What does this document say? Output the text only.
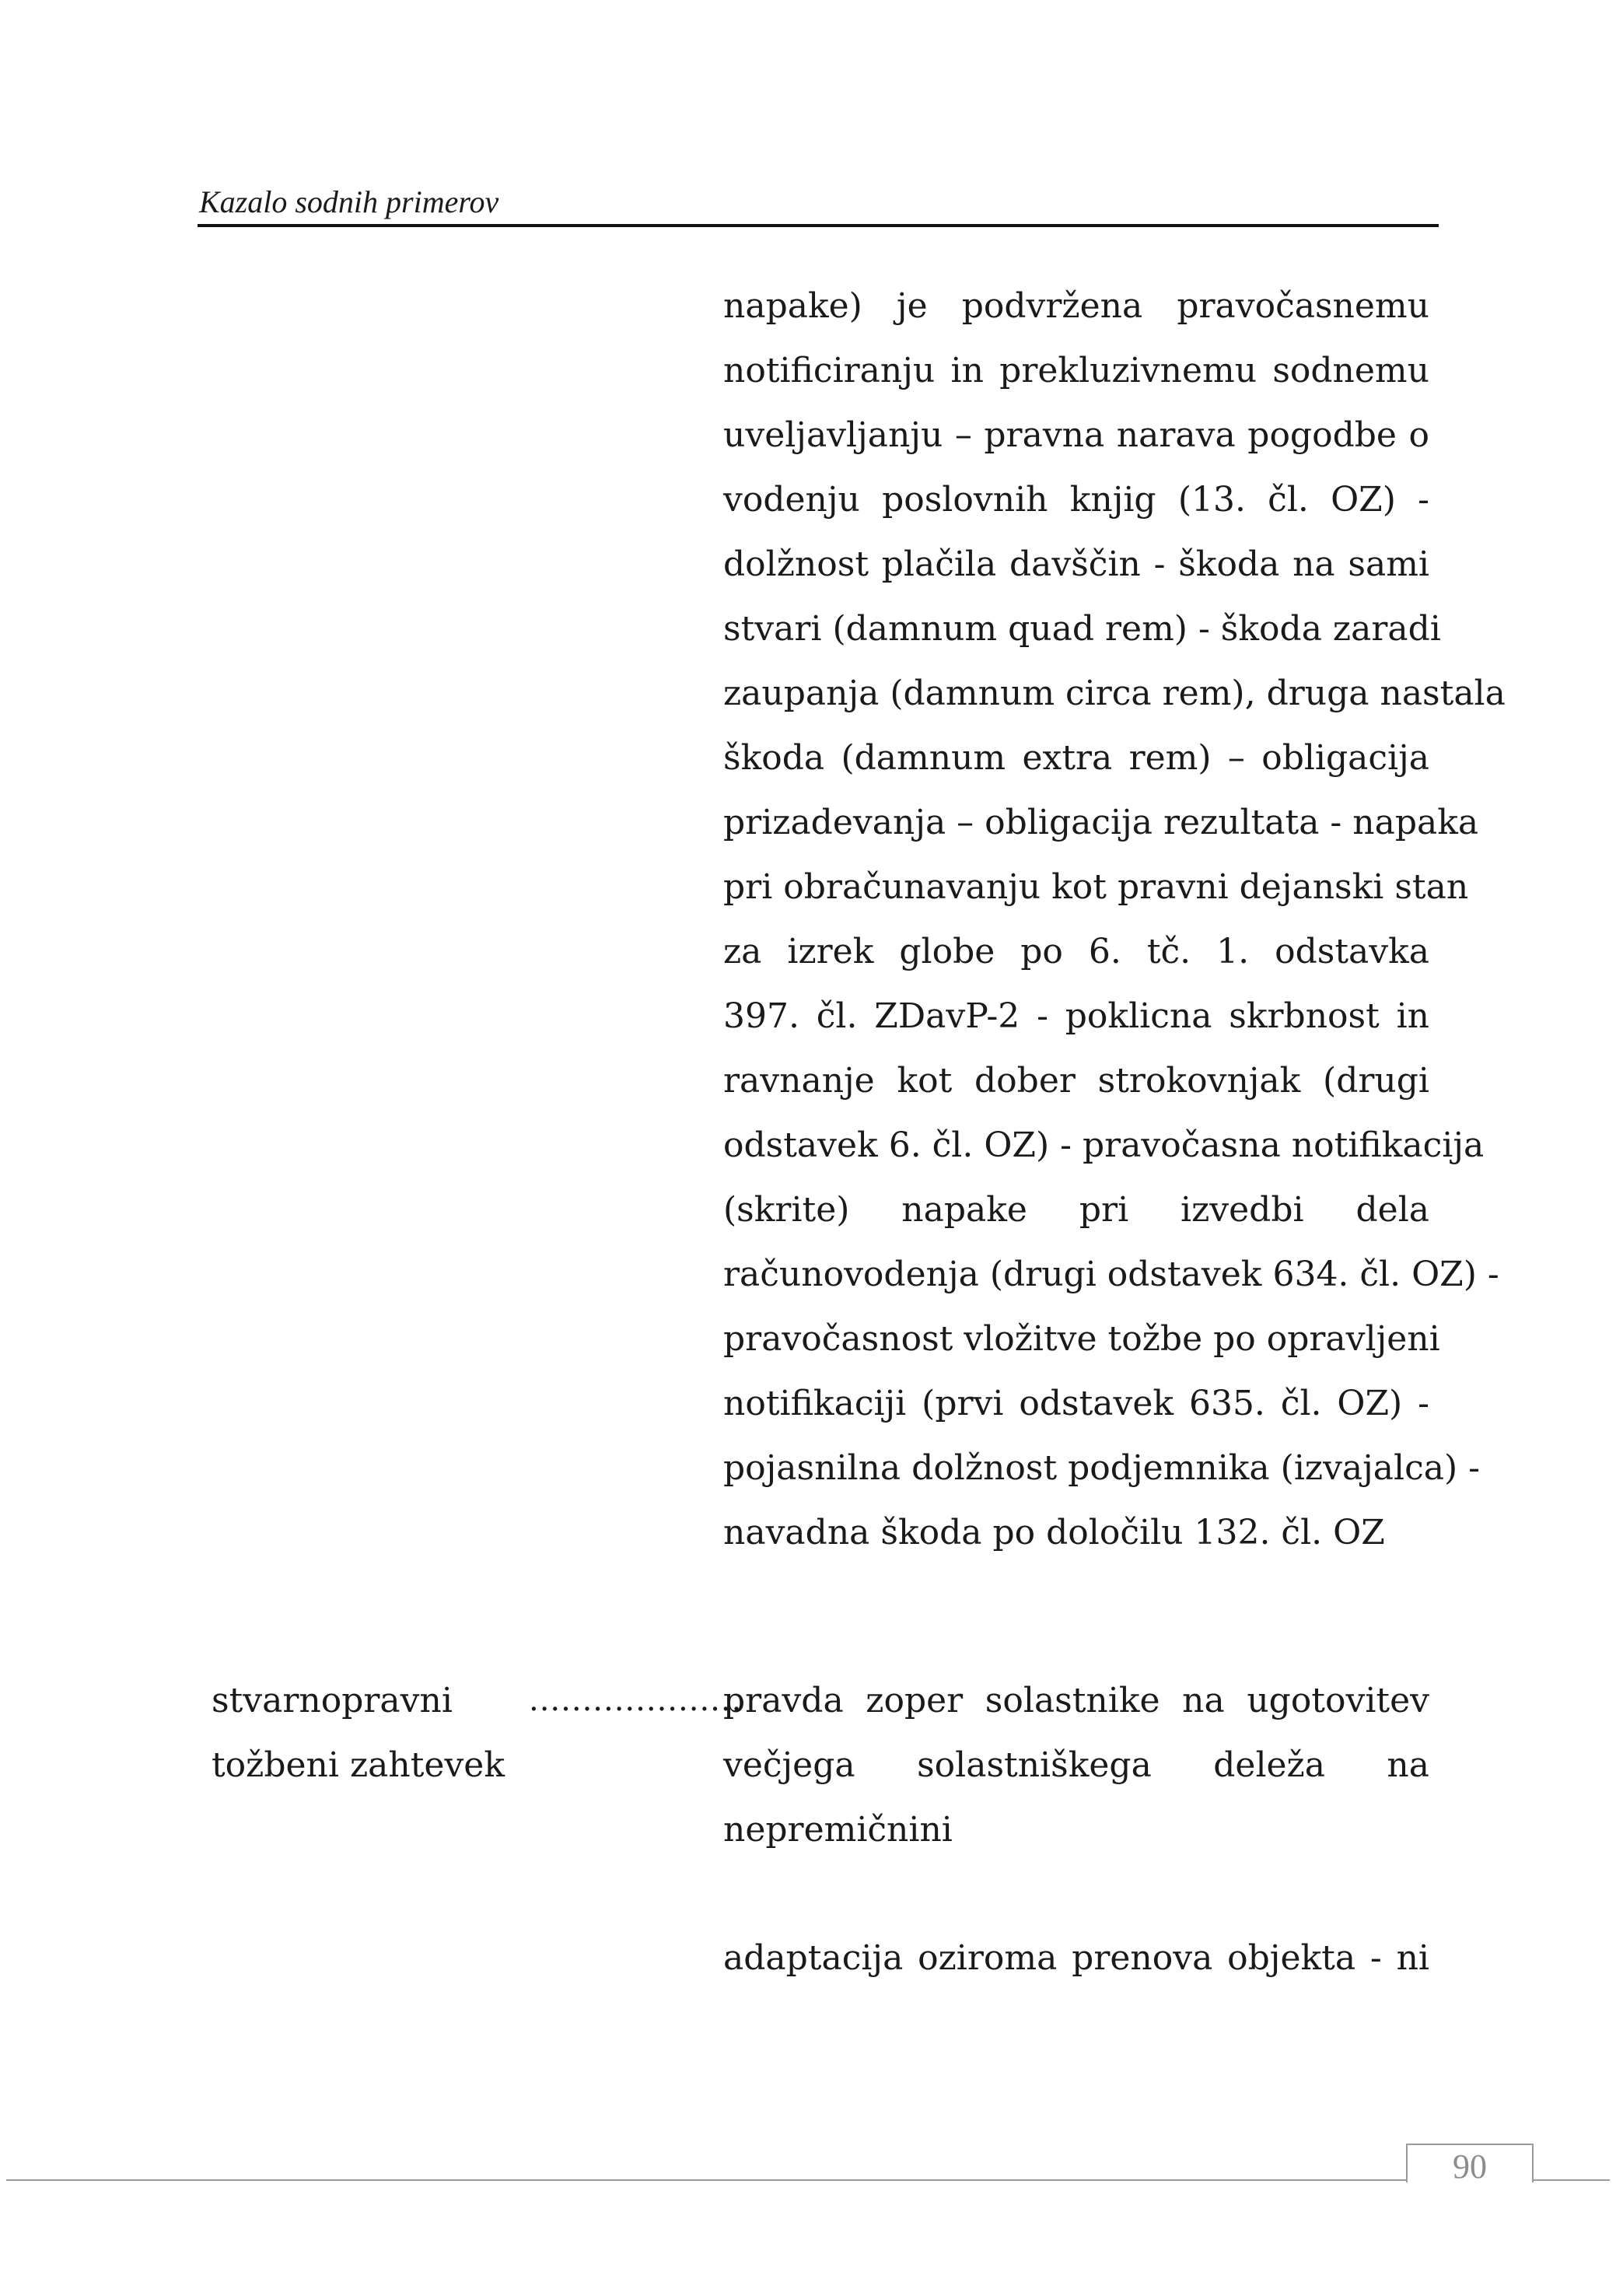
Kazalo sodnih primerov
napake) je podvržena pravočasnemu
notificiranju in prekluzivnemu sodnemu
uveljavljanju – pravna narava pogodbe o
vodenju poslovnih knjig (13. čl. OZ) -
dolžnost plačila davščin - škoda na sami
stvari (damnum quad rem) - škoda zaradi
zaupanja (damnum circa rem), druga nastala
škoda (damnum extra rem) – obligacija
prizadevanja – obligacija rezultata - napaka
pri obračunavanju kot pravni dejanski stan
za izrek globe po 6. tč. 1. odstavka
397. čl. ZDavP-2 - poklicna skrbnost in
ravnanje kot dober strokovnjak (drugi
odstavek 6. čl. OZ) - pravočasna notifikacija
(skrite) napake pri izvedbi dela
računovodenja (drugi odstavek 634. čl. OZ) -
pravočasnost vložitve tožbe po opravljeni
notifikaciji (prvi odstavek 635. čl. OZ) -
pojasnilna dolžnost podjemnika (izvajalca) -
navadna škoda po določilu 132. čl. OZ
stvarnopravni
tožbeni zahtevek
....................
pravda zoper solastnike na ugotovitev
večjega solastniškega deleža na
nepremičnini
adaptacija oziroma prenova objekta - ni
90
